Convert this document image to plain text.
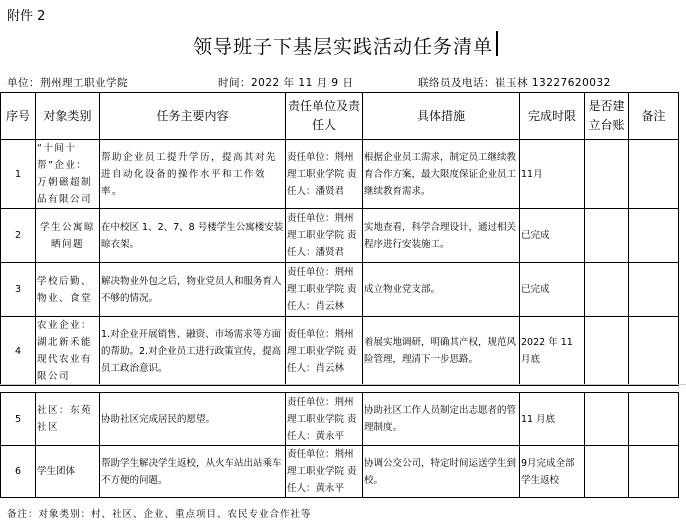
附件 2
领导班子下基层实践活动任务清单
单位：荆州理工职业学院	时间：2022 年 11 月 9 日	联络员及电话：崔玉林 13227620032
序号	对象类别	任务主要内容	责任单位及责任人	具体措施	完成时限	是否建立台账	备注
1	“十间十帮”企业：万朝磁超制品有限公司	帮助企业员工提升学历，提高其对先进自动化设备的操作水平和工作效率。	责任单位：荆州理工职业学院 责任人：潘贤君	根据企业员工需求，制定员工继续教育合作方案，最大限度保证企业员工继续教育需求。	11月		
2	学生公寓晾晒问题	在中校区 1、2、7、8 号楼学生公寓楼安装晾衣架。	责任单位：荆州理工职业学院 责任人：潘贤君	实地查看，科学合理设计，通过相关程序进行安装施工。	已完成		
3	学校后勤、物业、食堂	解决物业外包之后，物业党员人和服务育人不够的情况。	责任单位：荆州理工职业学院 责任人：肖云林	成立物业党支部。	已完成		
4	农业企业：湖北新禾能现代农业有限公司	1.对企业开展销售、融资、市场需求等方面的帮助。2.对企业员工进行政策宣传，提高员工政治意识。	责任单位：荆州理工职业学院 责任人：肖云林	着展实地调研，明确其产权，规范风险管理，理清下一步思路。	2022 年 11 月底		
5	社区：东苑社区	协助社区完成居民的愿望。	责任单位：荆州理工职业学院 责任人：黄永平	协助社区工作人员制定出志愿者的管理制度。	11 月底		
6	学生团体	帮助学生解决学生返校，从火车站出站乘车不方便的问题。	责任单位：荆州理工职业学院 责任人：黄永平	协调公交公司，特定时间运送学生到校。	9月完成全部学生返校		
备注：对象类别：村、社区、企业、重点项目、农民专业合作社等
